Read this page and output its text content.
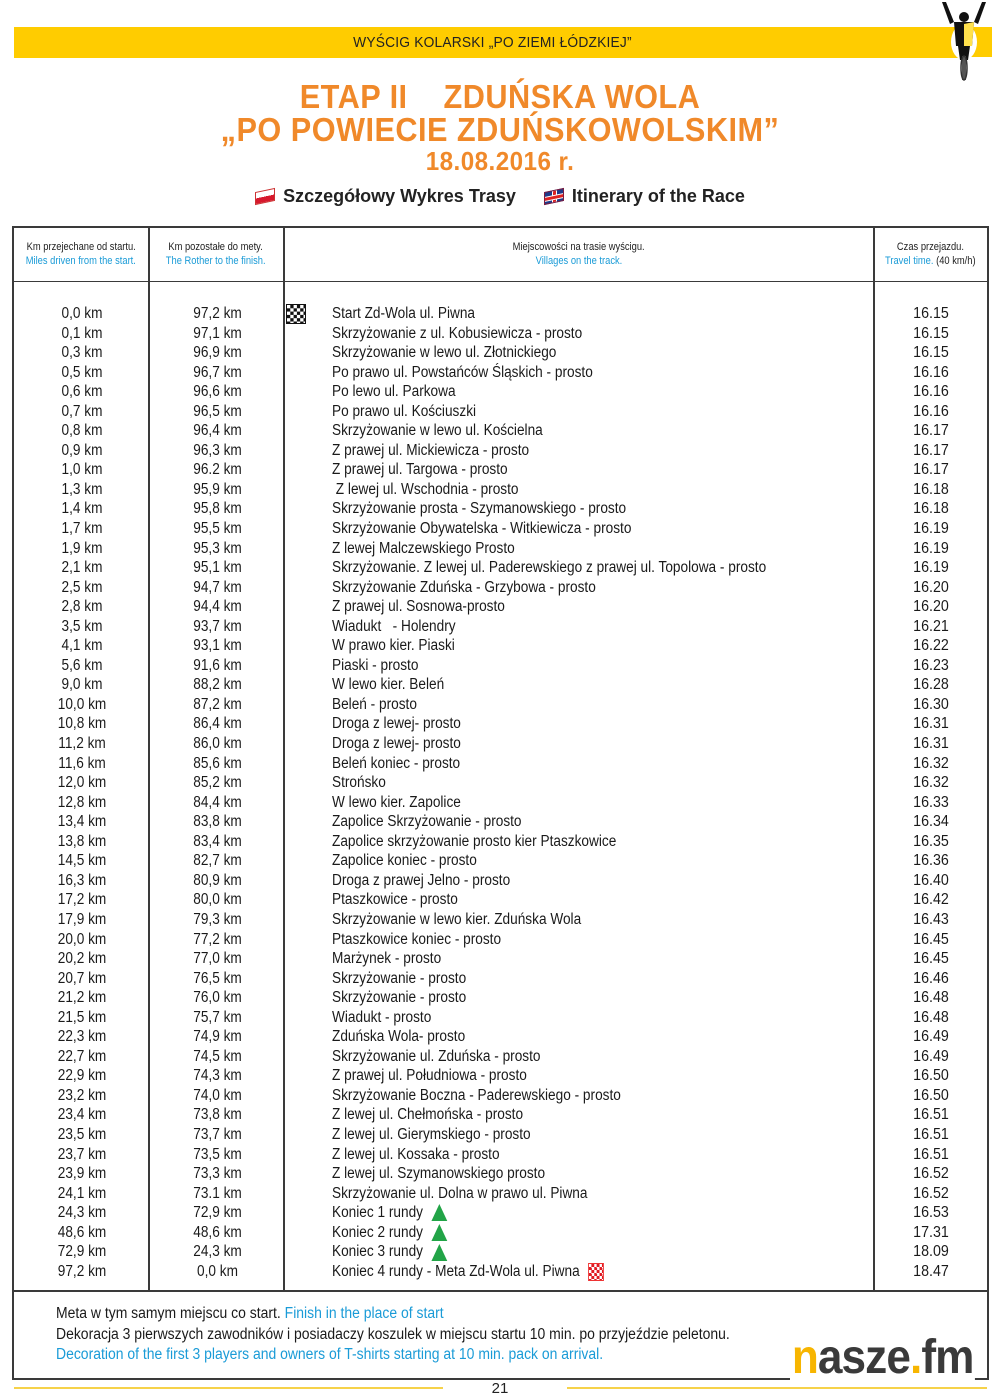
WYŚCIG KOLARSKI „PO ZIEMI ŁÓDZKIEJ”
ETAP II    ZDUŃSKA WOLA
„PO POWIECIE ZDUŃSKOWOLSKIM”
18.08.2016 r.
Szczegółowy Wykres Trasy	Itinerary of the Race
Km przejechane od startu.
Miles driven from the start.
Km pozostałe do mety.
The Rother to the finish.
Miejscowości na trasie wyścigu.
Villages on the track.
Czas przejazdu.
Travel time. (40 km/h)
0,0 km	97,2 km	Start Zd-Wola ul. Piwna	16.15
0,1 km	97,1 km	Skrzyżowanie z ul. Kobusiewicza - prosto	16.15
0,3 km	96,9 km	Skrzyżowanie w lewo ul. Złotnickiego	16.15
0,5 km	96,7 km	Po prawo ul. Powstańców Śląskich - prosto	16.16
0,6 km	96,6 km	Po lewo ul. Parkowa	16.16
0,7 km	96,5 km	Po prawo ul. Kościuszki	16.16
0,8 km	96,4 km	Skrzyżowanie w lewo ul. Kościelna	16.17
0,9 km	96,3 km	Z prawej ul. Mickiewicza - prosto	16.17
1,0 km	96.2 km	Z prawej ul. Targowa - prosto	16.17
1,3 km	95,9 km	Z lewej ul. Wschodnia - prosto	16.18
1,4 km	95,8 km	Skrzyżowanie prosta - Szymanowskiego - prosto	16.18
1,7 km	95,5 km	Skrzyżowanie Obywatelska - Witkiewicza - prosto	16.19
1,9 km	95,3 km	Z lewej Malczewskiego Prosto	16.19
2,1 km	95,1 km	Skrzyżowanie. Z lewej ul. Paderewskiego z prawej ul. Topolowa - prosto	16.19
2,5 km	94,7 km	Skrzyżowanie Zduńska - Grzybowa - prosto	16.20
2,8 km	94,4 km	Z prawej ul. Sosnowa-prosto	16.20
3,5 km	93,7 km	Wiadukt   - Holendry	16.21
4,1 km	93,1 km	W prawo kier. Piaski	16.22
5,6 km	91,6 km	Piaski - prosto	16.23
9,0 km	88,2 km	W lewo kier. Beleń	16.28
10,0 km	87,2 km	Beleń - prosto	16.30
10,8 km	86,4 km	Droga z lewej- prosto	16.31
11,2 km	86,0 km	Droga z lewej- prosto	16.31
11,6 km	85,6 km	Beleń koniec - prosto	16.32
12,0 km	85,2 km	Strońsko	16.32
12,8 km	84,4 km	W lewo kier. Zapolice	16.33
13,4 km	83,8 km	Zapolice Skrzyżowanie - prosto	16.34
13,8 km	83,4 km	Zapolice skrzyżowanie prosto kier Ptaszkowice	16.35
14,5 km	82,7 km	Zapolice koniec - prosto	16.36
16,3 km	80,9 km	Droga z prawej Jelno - prosto	16.40
17,2 km	80,0 km	Ptaszkowice - prosto	16.42
17,9 km	79,3 km	Skrzyżowanie w lewo kier. Zduńska Wola	16.43
20,0 km	77,2 km	Ptaszkowice koniec - prosto	16.45
20,2 km	77,0 km	Marżynek - prosto	16.45
20,7 km	76,5 km	Skrzyżowanie - prosto	16.46
21,2 km	76,0 km	Skrzyżowanie - prosto	16.48
21,5 km	75,7 km	Wiadukt - prosto	16.48
22,3 km	74,9 km	Zduńska Wola- prosto	16.49
22,7 km	74,5 km	Skrzyżowanie ul. Zduńska - prosto	16.49
22,9 km	74,3 km	Z prawej ul. Południowa - prosto	16.50
23,2 km	74,0 km	Skrzyżowanie Boczna - Paderewskiego - prosto	16.50
23,4 km	73,8 km	Z lewej ul. Chełmońska - prosto	16.51
23,5 km	73,7 km	Z lewej ul. Gierymskiego - prosto	16.51
23,7 km	73,5 km	Z lewej ul. Kossaka - prosto	16.51
23,9 km	73,3 km	Z lewej ul. Szymanowskiego prosto	16.52
24,1 km	73.1 km	Skrzyżowanie ul. Dolna w prawo ul. Piwna	16.52
24,3 km	72,9 km	Koniec 1 rundy	16.53
48,6 km	48,6 km	Koniec 2 rundy	17.31
72,9 km	24,3 km	Koniec 3 rundy	18.09
97,2 km	0,0 km	Koniec 4 rundy - Meta Zd-Wola ul. Piwna	18.47
Meta w tym samym miejscu co start. Finish in the place of start
Dekoracja 3 pierwszych zawodników i posiadaczy koszulek w miejscu startu 10 min. po przyjeździe peletonu.
Decoration of the first 3 players and owners of T-shirts starting at 10 min. pack on arrival.	nasze.fm
21
